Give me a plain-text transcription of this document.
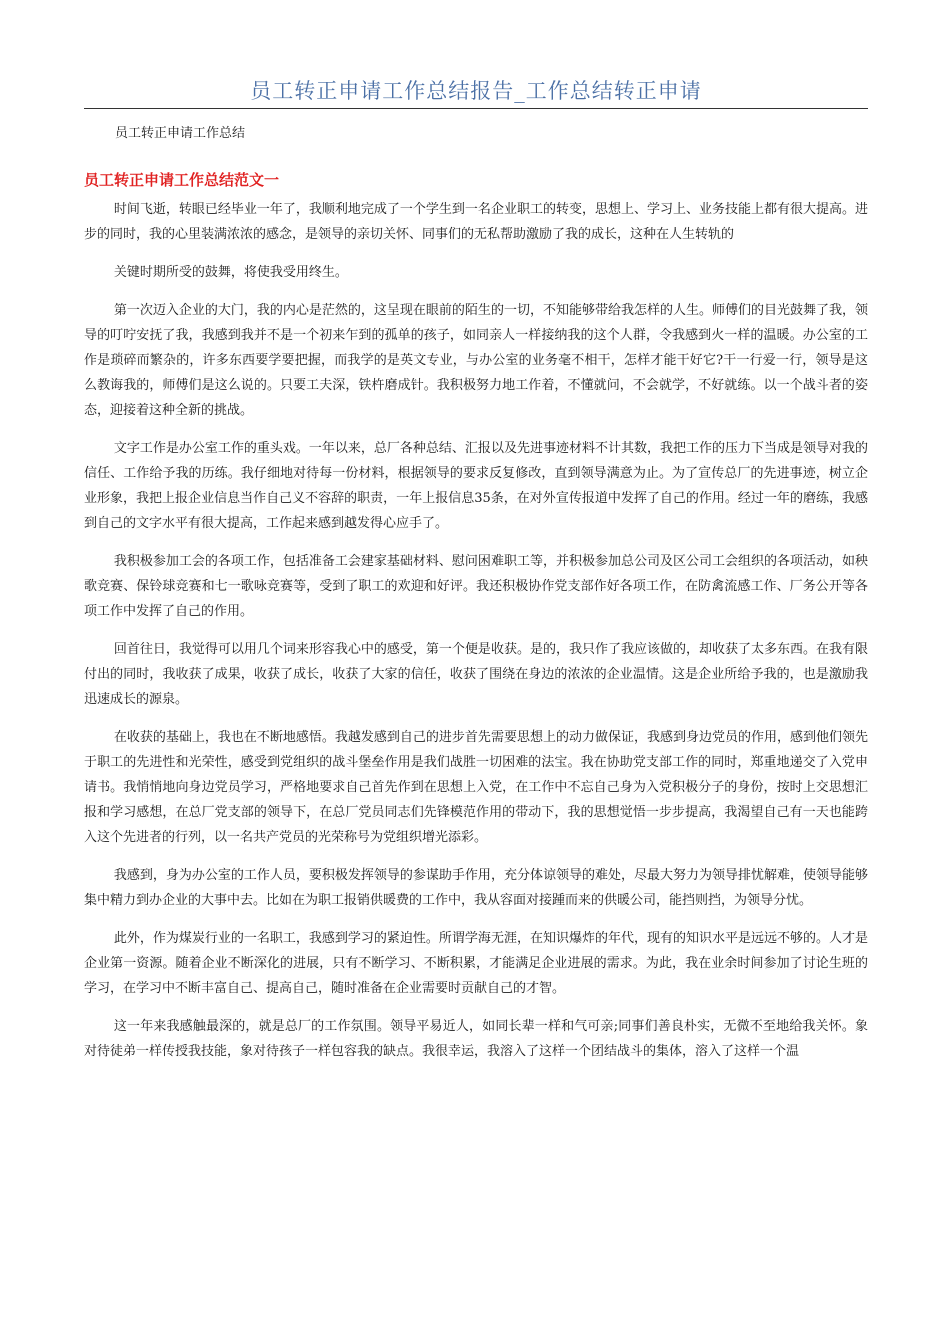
员工转正申请工作总结报告_工作总结转正申请
员工转正申请工作总结
员工转正申请工作总结范文一

时间飞逝，转眼已经毕业一年了，我顺利地完成了一个学生到一名企业职工的转变，思想上、学习上、业务技能上都有很大提高。进步的同时，我的心里装满浓浓的感念，是领导的亲切关怀、同事们的无私帮助激励了我的成长，这种在人生转轨的

关键时期所受的鼓舞，将使我受用终生。

第一次迈入企业的大门，我的内心是茫然的，这呈现在眼前的陌生的一切，不知能够带给我怎样的人生。师傅们的目光鼓舞了我，领导的叮咛安抚了我，我感到我并不是一个初来乍到的孤单的孩子，如同亲人一样接纳我的这个人群，令我感到火一样的温暖。办公室的工作是琐碎而繁杂的，许多东西要学要把握，而我学的是英文专业，与办公室的业务毫不相干，怎样才能干好它?干一行爱一行，领导是这么教诲我的，师傅们是这么说的。只要工夫深，铁杵磨成针。我积极努力地工作着，不懂就问，不会就学，不好就练。以一个战斗者的姿态，迎接着这种全新的挑战。

文字工作是办公室工作的重头戏。一年以来，总厂各种总结、汇报以及先进事迹材料不计其数，我把工作的压力下当成是领导对我的信任、工作给予我的历练。我仔细地对待每一份材料，根据领导的要求反复修改，直到领导满意为止。为了宣传总厂的先进事迹，树立企业形象，我把上报企业信息当作自己义不容辞的职责，一年上报信息35条，在对外宣传报道中发挥了自己的作用。经过一年的磨练，我感到自己的文字水平有很大提高，工作起来感到越发得心应手了。

我积极参加工会的各项工作，包括准备工会建家基础材料、慰问困难职工等，并积极参加总公司及区公司工会组织的各项活动，如秧歌竞赛、保铃球竞赛和七一歌咏竞赛等，受到了职工的欢迎和好评。我还积极协作党支部作好各项工作，在防禽流感工作、厂务公开等各项工作中发挥了自己的作用。

回首往日，我觉得可以用几个词来形容我心中的感受，第一个便是收获。是的，我只作了我应该做的，却收获了太多东西。在我有限付出的同时，我收获了成果，收获了成长，收获了大家的信任，收获了围绕在身边的浓浓的企业温情。这是企业所给予我的，也是激励我迅速成长的源泉。

在收获的基础上，我也在不断地感悟。我越发感到自己的进步首先需要思想上的动力做保证，我感到身边党员的作用，感到他们领先于职工的先进性和光荣性，感受到党组织的战斗堡垒作用是我们战胜一切困难的法宝。我在协助党支部工作的同时，郑重地递交了入党申请书。我悄悄地向身边党员学习，严格地要求自己首先作到在思想上入党，在工作中不忘自己身为入党积极分子的身份，按时上交思想汇报和学习感想，在总厂党支部的领导下，在总厂党员同志们先锋模范作用的带动下，我的思想觉悟一步步提高，我渴望自己有一天也能跨入这个先进者的行列，以一名共产党员的光荣称号为党组织增光添彩。

我感到，身为办公室的工作人员，要积极发挥领导的参谋助手作用，充分体谅领导的难处，尽最大努力为领导排忧解难，使领导能够集中精力到办企业的大事中去。比如在为职工报销供暖费的工作中，我从容面对接踵而来的供暖公司，能挡则挡，为领导分忧。

此外，作为煤炭行业的一名职工，我感到学习的紧迫性。所谓学海无涯，在知识爆炸的年代，现有的知识水平是远远不够的。人才是企业第一资源。随着企业不断深化的进展，只有不断学习、不断积累，才能满足企业进展的需求。为此，我在业余时间参加了讨论生班的学习，在学习中不断丰富自己、提高自己，随时准备在企业需要时贡献自己的才智。

这一年来我感触最深的，就是总厂的工作氛围。领导平易近人，如同长辈一样和气可亲;同事们善良朴实，无微不至地给我关怀。象对待徒弟一样传授我技能，象对待孩子一样包容我的缺点。我很幸运，我溶入了这样一个团结战斗的集体，溶入了这样一个温
